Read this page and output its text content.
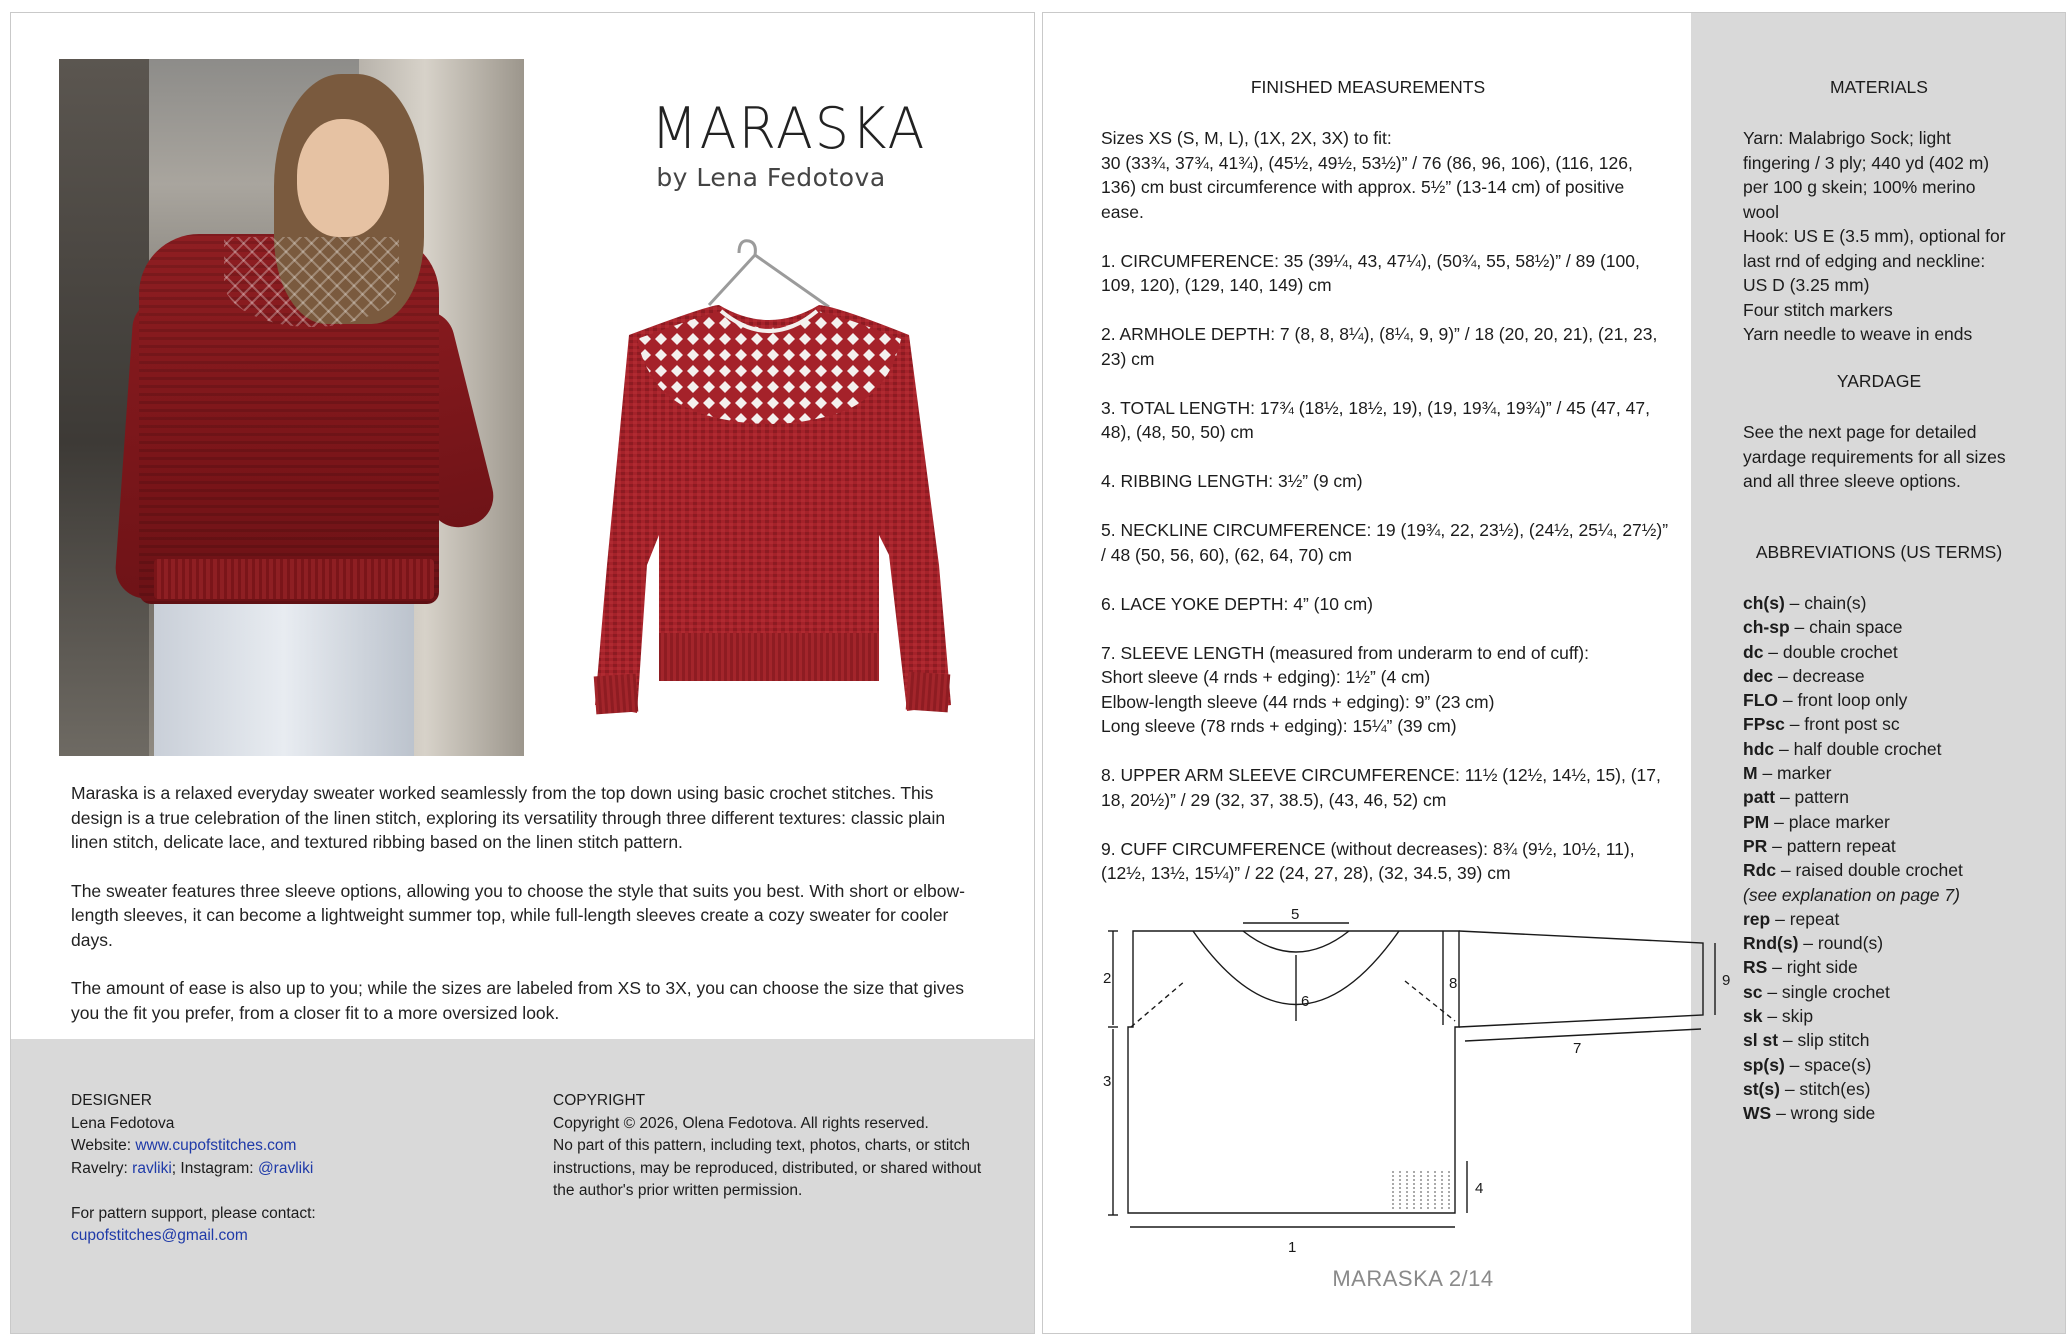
MARASKA
by Lena Fedotova

Maraska is a relaxed everyday sweater worked seamlessly from the top down using basic crochet stitches. This design is a true celebration of the linen stitch, exploring its versatility through three different textures: classic plain linen stitch, delicate lace, and textured ribbing based on the linen stitch pattern.

The sweater features three sleeve options, allowing you to choose the style that suits you best. With short or elbow-length sleeves, it can become a lightweight summer top, while full-length sleeves create a cozy sweater for cooler days.

The amount of ease is also up to you; while the sizes are labeled from XS to 3X, you can choose the size that gives you the fit you prefer, from a closer fit to a more oversized look.

DESIGNER
Lena Fedotova
Website: www.cupofstitches.com
Ravelry: ravliki; Instagram: @ravliki
For pattern support, please contact:
cupofstitches@gmail.com
COPYRIGHT
Copyright © 2026, Olena Fedotova. All rights reserved.
No part of this pattern, including text, photos, charts, or stitch instructions, may be reproduced, distributed, or shared without the author's prior written permission.
FINISHED MEASUREMENTS

Sizes XS (S, M, L), (1X, 2X, 3X) to fit:
30 (33¾, 37¾, 41¾), (45½, 49½, 53½)” / 76 (86, 96, 106), (116, 126, 136) cm bust circumference with approx. 5½” (13-14 cm) of positive ease.

1. CIRCUMFERENCE: 35 (39¼, 43, 47¼), (50¾, 55, 58½)” / 89 (100, 109, 120), (129, 140, 149) cm

2. ARMHOLE DEPTH: 7 (8, 8, 8¼), (8¼, 9, 9)” / 18 (20, 20, 21), (21, 23, 23) cm

3. TOTAL LENGTH: 17¾ (18½, 18½, 19), (19, 19¾, 19¾)” / 45 (47, 47, 48), (48, 50, 50) cm

4. RIBBING LENGTH: 3½” (9 cm)

5. NECKLINE CIRCUMFERENCE: 19 (19¾, 22, 23½), (24½, 25¼, 27½)” / 48 (50, 56, 60), (62, 64, 70) cm

6. LACE YOKE DEPTH: 4” (10 cm)

7. SLEEVE LENGTH (measured from underarm to end of cuff):
Short sleeve (4 rnds + edging): 1½” (4 cm)
Elbow-length sleeve (44 rnds + edging): 9” (23 cm)
Long sleeve (78 rnds + edging): 15¼” (39 cm)

8. UPPER ARM SLEEVE CIRCUMFERENCE: 11½ (12½, 14½, 15), (17, 18, 20½)” / 29 (32, 37, 38.5), (43, 46, 52) cm

9. CUFF CIRCUMFERENCE (without decreases): 8¾ (9½, 10½, 11), (12½, 13½, 15¼)” / 22 (24, 27, 28), (32, 34.5, 39) cm

1
2
3
4
5
6
7
8	9
MARASKA 2/14
MATERIALS
Yarn: Malabrigo Sock; light fingering / 3 ply; 440 yd (402 m) per 100 g skein; 100% merino wool
Hook: US E (3.5 mm), optional for last rnd of edging and neckline: US D (3.25 mm)
Four stitch markers
Yarn needle to weave in ends
YARDAGE
See the next page for detailed yardage requirements for all sizes and all three sleeve options.
ABBREVIATIONS (US TERMS)
ch(s) – chain(s)
ch-sp – chain space
dc – double crochet
dec – decrease
FLO – front loop only
FPsc – front post sc
hdc – half double crochet
M – marker
patt – pattern
PM – place marker
PR – pattern repeat
Rdc – raised double crochet
(see explanation on page 7)
rep – repeat
Rnd(s) – round(s)
RS – right side
sc – single crochet
sk – skip
sl st – slip stitch
sp(s) – space(s)
st(s) – stitch(es)
WS – wrong side
